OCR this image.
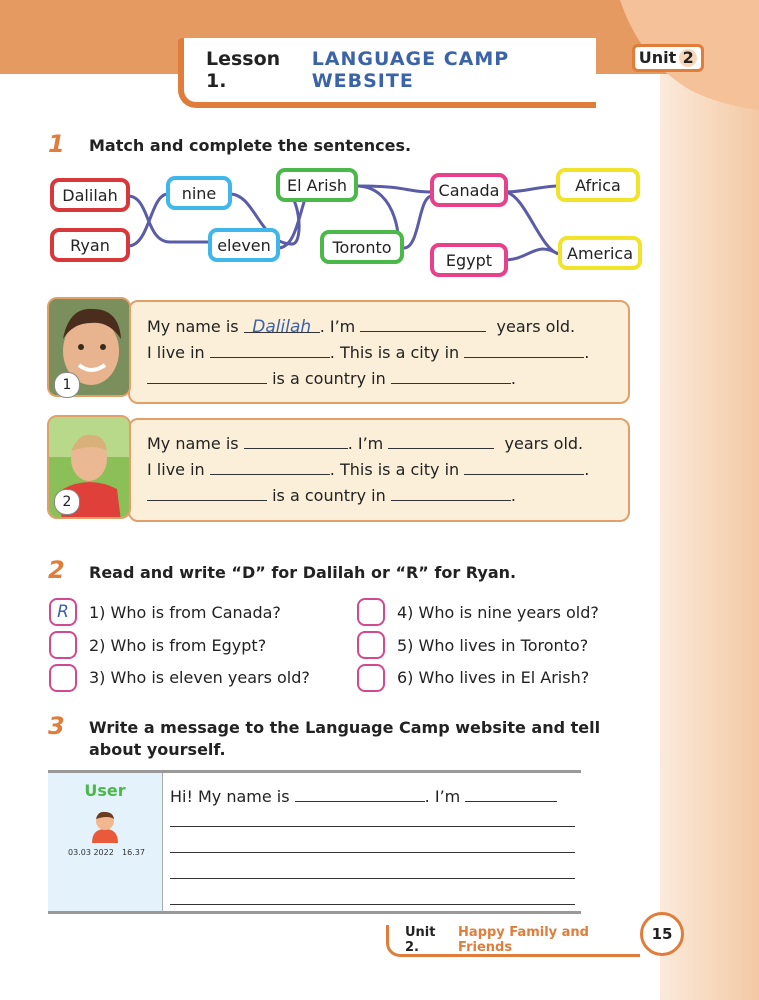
Lesson 1.
LANGUAGE CAMP WEBSITE
Unit 2
1 Match and complete the sentences.
Dalilah
Ryan
nine
eleven
El Arish
Toronto
Canada
Egypt
Africa
America
1
My name is Dalilah . I’m	years old.
I live in	. This is a city in	.
is a country in	.
2
My name is	. I’m	years old.
I live in	. This is a city in	.
is a country in	.
2 Read and write “D” for Dalilah or “R” for Ryan.
R	1) Who is from Canada?
2) Who is from Egypt?
3) Who is eleven years old?
4) Who is nine years old?
5) Who lives in Toronto?
6) Who lives in El Arish?
3 Write a message to the Language Camp website and tell
about yourself.
User
03.03 2022 16.37
Hi! My name is	. I’m
Unit 2.
Happy Family and Friends
15
